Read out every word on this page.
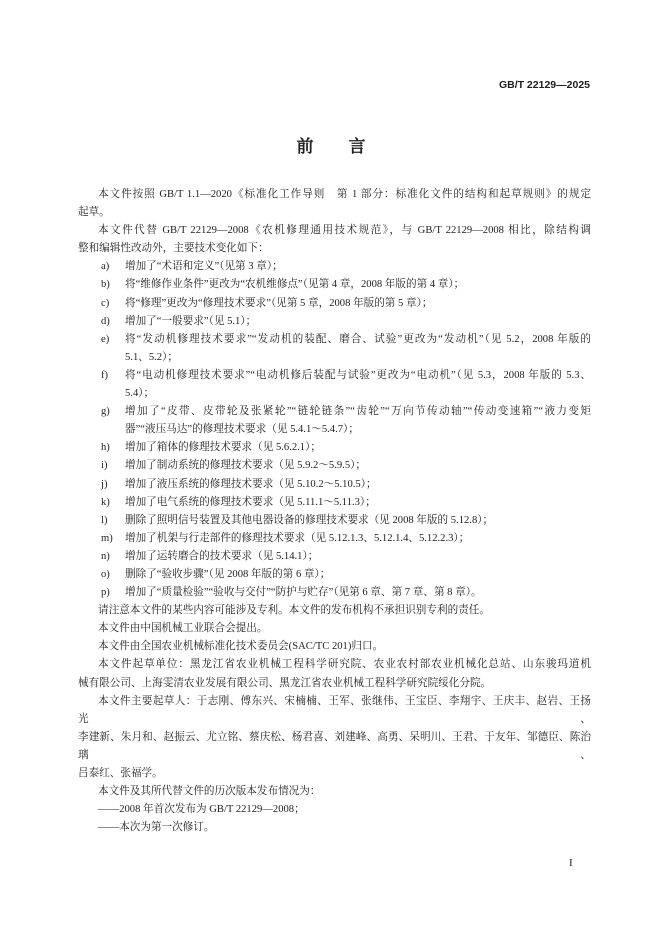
GB/T 22129—2025
前　言
本文件按照 GB/T 1.1—2020《标准化工作导则　第 1 部分：标准化文件的结构和起草规则》的规定
起草。
本文件代替 GB/T 22129—2008《农机修理通用技术规范》，与 GB/T 22129—2008 相比，除结构调
整和编辑性改动外，主要技术变化如下：
a)	增加了“术语和定义”（见第 3 章）；
b)	将“维修作业条件”更改为“农机维修点”（见第 4 章，2008 年版的第 4 章）；
c)	将“修理”更改为“修理技术要求”（见第 5 章，2008 年版的第 5 章）；
d)	增加了“一般要求”（见 5.1）；
e)	将“发动机修理技术要求”“发动机的装配、磨合、试验”更改为“发动机”（见 5.2，2008 年版的
5.1、5.2）；
f)	将“电动机修理技术要求”“电动机修后装配与试验”更改为“电动机”（见 5.3，2008 年版的 5.3、
5.4）；
g)	增加了“皮带、皮带轮及张紧轮”“链轮链条”“齿轮”“万向节传动轴”“传动变速箱”“液力变矩
器”“液压马达”的修理技术要求（见 5.4.1～5.4.7）；
h)	增加了箱体的修理技术要求（见 5.6.2.1）；
i)	增加了制动系统的修理技术要求（见 5.9.2～5.9.5）；
j)	增加了液压系统的修理技术要求（见 5.10.2～5.10.5）；
k)	增加了电气系统的修理技术要求（见 5.11.1～5.11.3）；
l)	删除了照明信号装置及其他电器设备的修理技术要求（见 2008 年版的 5.12.8）；
m)	增加了机架与行走部件的修理技术要求（见 5.12.1.3、5.12.1.4、5.12.2.3）；
n)	增加了运转磨合的技术要求（见 5.14.1）；
o)	删除了“验收步骤”（见 2008 年版的第 6 章）；
p)	增加了“质量检验”“验收与交付”“防护与贮存”（见第 6 章、第 7 章、第 8 章）。
请注意本文件的某些内容可能涉及专利。本文件的发布机构不承担识别专利的责任。
本文件由中国机械工业联合会提出。
本文件由全国农业机械标准化技术委员会(SAC/TC 201)归口。
本文件起草单位：黑龙江省农业机械工程科学研究院、农业农村部农业机械化总站、山东骏玛道机
械有限公司、上海雯清农业发展有限公司、黑龙江省农业机械工程科学研究院绥化分院。
本文件主要起草人：于志刚、傅东兴、宋楠楠、王军、张继伟、王宝臣、李翔宇、王庆丰、赵岩、王扬光、
李建新、朱月和、赵振云、尤立铭、蔡庆松、杨君喜、刘建峰、高勇、呆明川、王君、于友年、邹德臣、陈治璃、
吕泰红、张福学。
本文件及其所代替文件的历次版本发布情况为：
——2008 年首次发布为 GB/T 22129—2008；
——本次为第一次修订。
I
